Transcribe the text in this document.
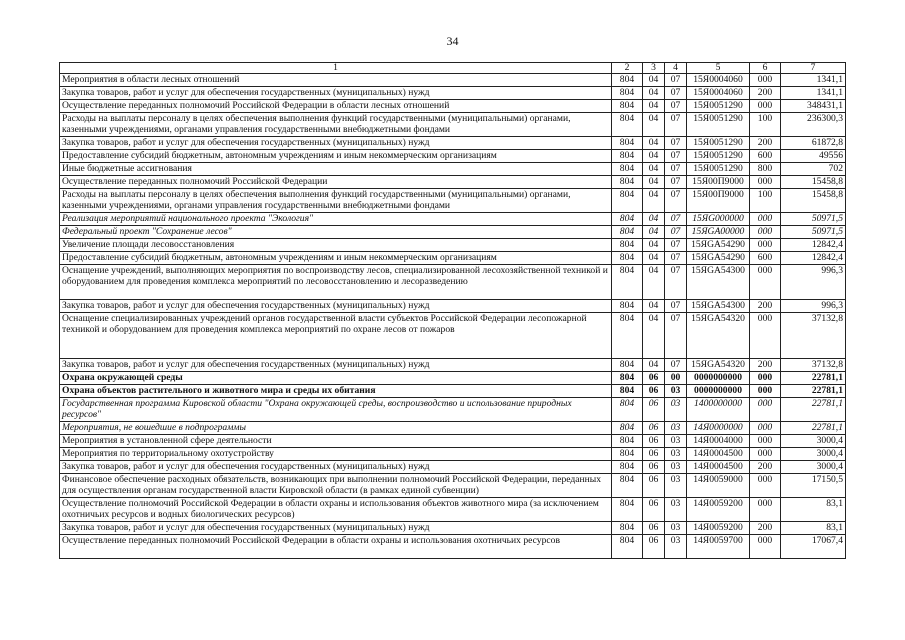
34
1	2	3	4	5	6	7
Мероприятия в области лесных отношений	804	04	07	15Я0004060	000	1341,1
Закупка товаров, работ и услуг для обеспечения государственных (муниципальных) нужд	804	04	07	15Я0004060	200	1341,1
Осуществление переданных полномочий Российской Федерации в области лесных отношений	804	04	07	15Я0051290	000	348431,1
Расходы на выплаты персоналу в целях обеспечения выполнения функций государственными (муниципальными) органами, казенными учреждениями, органами управления государственными внебюджетными фондами	804	04	07	15Я0051290	100	236300,3
Закупка товаров, работ и услуг для обеспечения государственных (муниципальных) нужд	804	04	07	15Я0051290	200	61872,8
Предоставление субсидий бюджетным, автономным учреждениям и иным некоммерческим организациям	804	04	07	15Я0051290	600	49556
Иные бюджетные ассигнования	804	04	07	15Я0051290	800	702
Осуществление переданных полномочий Российской Федерации	804	04	07	15Я00П9000	000	15458,8
Расходы на выплаты персоналу в целях обеспечения выполнения функций государственными (муниципальными) органами, казенными учреждениями, органами управления государственными внебюджетными фондами	804	04	07	15Я00П9000	100	15458,8
Реализация мероприятий национального проекта "Экология"	804	04	07	15ЯG000000	000	50971,5
Федеральный проект "Сохранение лесов"	804	04	07	15ЯGA00000	000	50971,5
Увеличение площади лесовосстановления	804	04	07	15ЯGA54290	000	12842,4
Предоставление субсидий бюджетным, автономным учреждениям и иным некоммерческим организациям	804	04	07	15ЯGA54290	600	12842,4
Оснащение учреждений, выполняющих мероприятия по воспроизводству лесов, специализированной лесохозяйственной техникой и оборудованием для проведения комплекса мероприятий по лесовосстановлению и лесоразведению	804	04	07	15ЯGA54300	000	996,3
Закупка товаров, работ и услуг для обеспечения государственных (муниципальных) нужд	804	04	07	15ЯGA54300	200	996,3
Оснащение специализированных учреждений органов государственной власти субъектов Российской Федерации лесопожарной техникой и оборудованием для проведения комплекса мероприятий по охране лесов от пожаров	804	04	07	15ЯGA54320	000	37132,8
Закупка товаров, работ и услуг для обеспечения государственных (муниципальных) нужд	804	04	07	15ЯGA54320	200	37132,8
Охрана окружающей среды	804	06	00	0000000000	000	22781,1
Охрана объектов растительного и животного мира и среды их обитания	804	06	03	0000000000	000	22781,1
Государственная программа Кировской области "Охрана окружающей среды, воспроизводство и использование природных ресурсов"	804	06	03	1400000000	000	22781,1
Мероприятия, не вошедшие в подпрограммы	804	06	03	14Я0000000	000	22781,1
Мероприятия в установленной сфере деятельности	804	06	03	14Я0004000	000	3000,4
Мероприятия по территориальному охотустройству	804	06	03	14Я0004500	000	3000,4
Закупка товаров, работ и услуг для обеспечения государственных (муниципальных) нужд	804	06	03	14Я0004500	200	3000,4
Финансовое обеспечение расходных обязательств, возникающих при выполнении полномочий Российской Федерации, переданных для осуществления органам государственной власти Кировской области (в рамках единой субвенции)	804	06	03	14Я0059000	000	17150,5
Осуществление полномочий Российской Федерации в области охраны и использования объектов животного мира (за исключением охотничьих ресурсов и водных биологических ресурсов)	804	06	03	14Я0059200	000	83,1
Закупка товаров, работ и услуг для обеспечения государственных (муниципальных) нужд	804	06	03	14Я0059200	200	83,1
Осуществление переданных полномочий Российской Федерации в области охраны и использования охотничьих ресурсов	804	06	03	14Я0059700	000	17067,4
